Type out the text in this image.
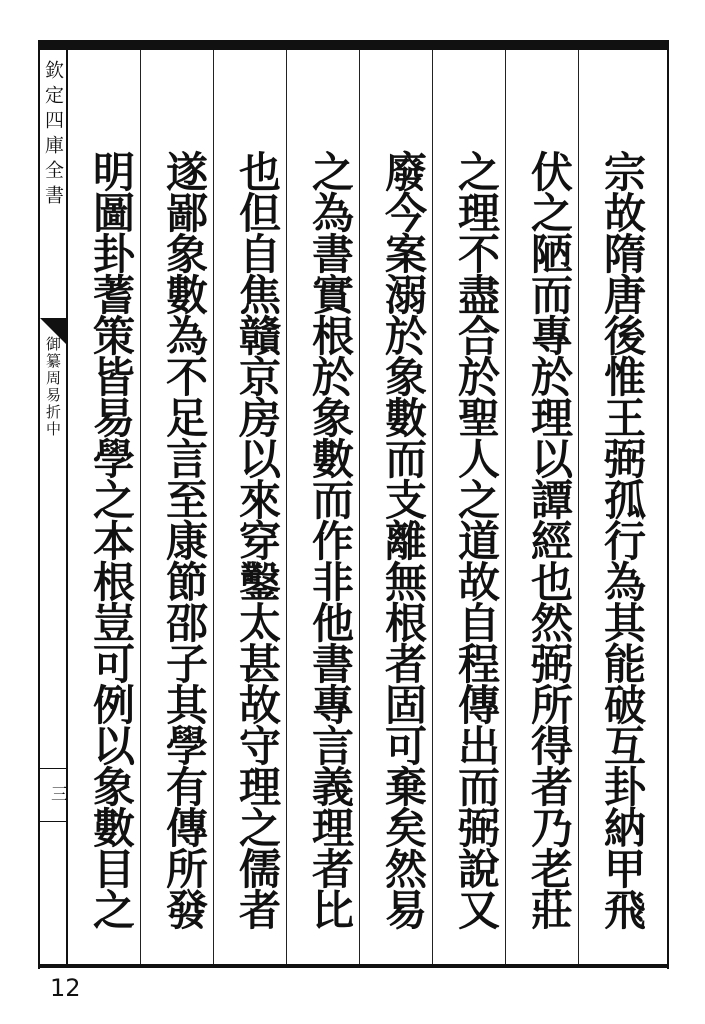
欽定四庫全書
御纂周易折中
三	宗故隋唐後惟王弼孤行為其能破互卦納甲飛
伏之陋而專於理以譚經也然弼所得者乃老莊
之理不盡合於聖人之道故自程傳出而弼說又
廢今案溺於象數而支離無根者固可棄矣然易
之為書實根於象數而作非他書專言義理者比
也但自焦贛京房以來穿鑿太甚故守理之儒者
遂鄙象數為不足言至康節邵子其學有傳所發
明圖卦蓍策皆易學之本根豈可例以象數目之
12
